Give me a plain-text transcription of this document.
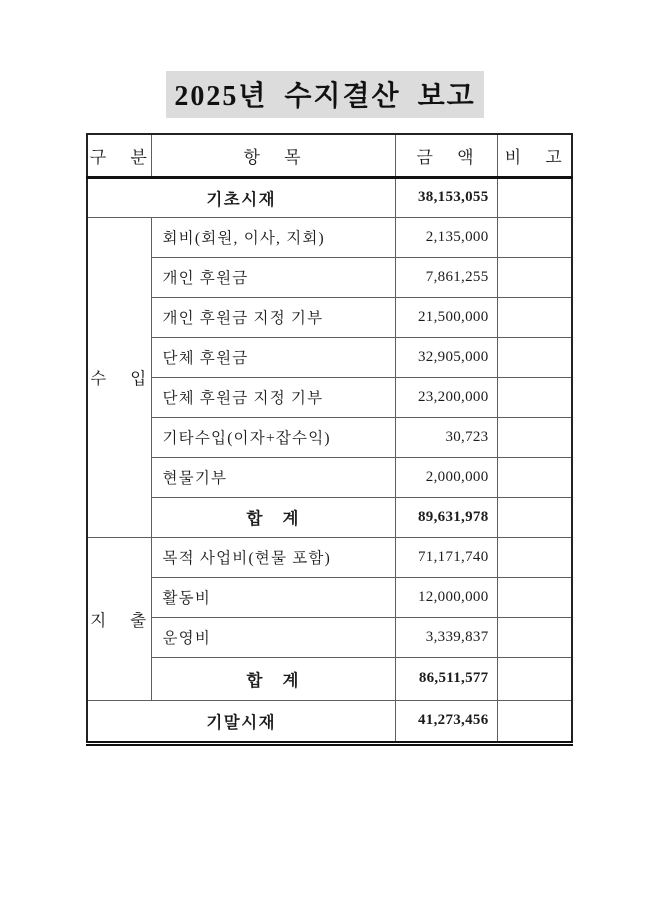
2025년 수지결산 보고
구 분	항 목	금 액	비 고
기초시재		38,153,055	
수 입	회비(회원, 이사, 지회)	2,135,000	
	개인 후원금	7,861,255	
	개인 후원금 지정 기부	21,500,000	
	단체 후원금	32,905,000	
	단체 후원금 지정 기부	23,200,000	
	기타수입(이자+잡수익)	30,723	
	현물기부	2,000,000	
	합 계	89,631,978	
지 출	목적 사업비(현물 포함)	71,171,740	
	활동비	12,000,000	
	운영비	3,339,837	
	합 계	86,511,577	
기말시재		41,273,456	
